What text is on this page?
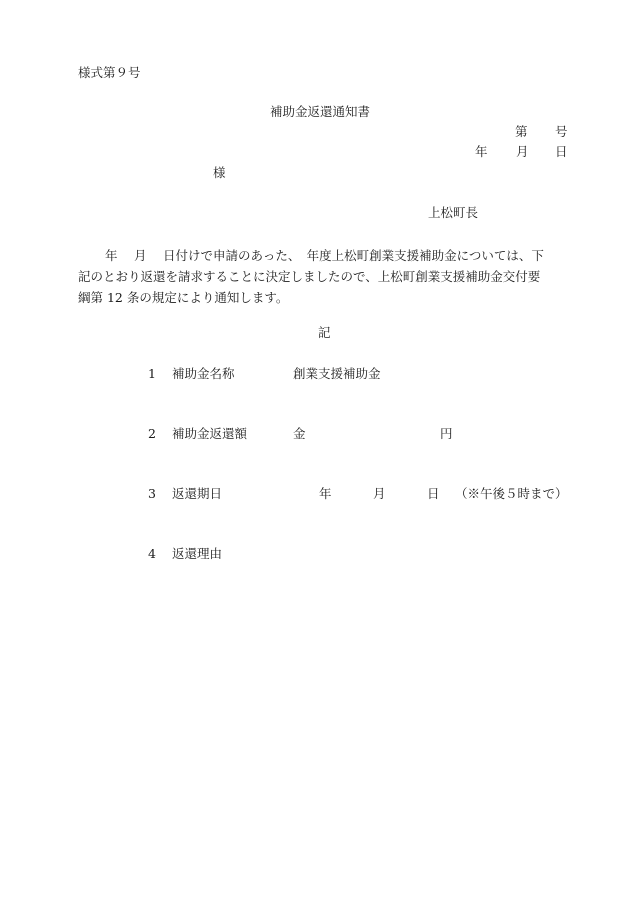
様式第９号
補助金返還通知書
第 号
年 月 日
様
上松町長
年　 月　 日付けで申請のあった、　年度上松町創業支援補助金については、下
記のとおり返還を請求することに決定しましたので、上松町創業支援補助金交付要
綱第 12 条の規定により通知します。
記
1 補助金名称	創業支援補助金
2 補助金返還額	金	円
3 返還期日	年	月	日 （※午後５時まで）
4 返還理由
